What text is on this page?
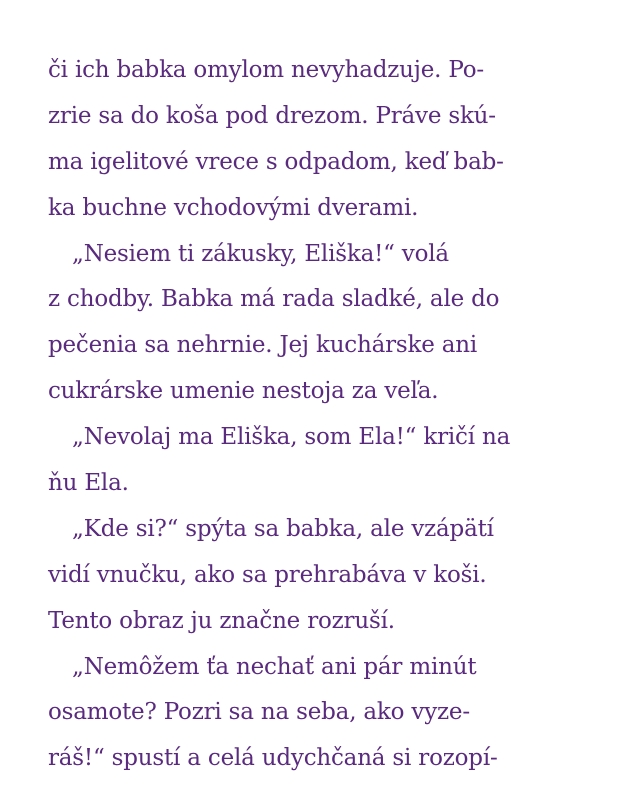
či ich babka omylom nevyhadzuje. Po-
zrie sa do koša pod drezom. Práve skú-
ma igelitové vrece s odpadom, keď bab-
ka buchne vchodovými dverami.
„Nesiem ti zákusky, Eliška!“ volá
z chodby. Babka má rada sladké, ale do
pečenia sa nehrnie. Jej kuchárske ani
cukrárske umenie nestoja za veľa.
„Nevolaj ma Eliška, som Ela!“ kričí na
ňu Ela.
„Kde si?“ spýta sa babka, ale vzápätí
vidí vnučku, ako sa prehrabáva v koši.
Tento obraz ju značne rozruší.
„Nemôžem ťa nechať ani pár minút
osamote? Pozri sa na seba, ako vyze-
ráš!“ spustí a celá udychčaná si rozopí-
